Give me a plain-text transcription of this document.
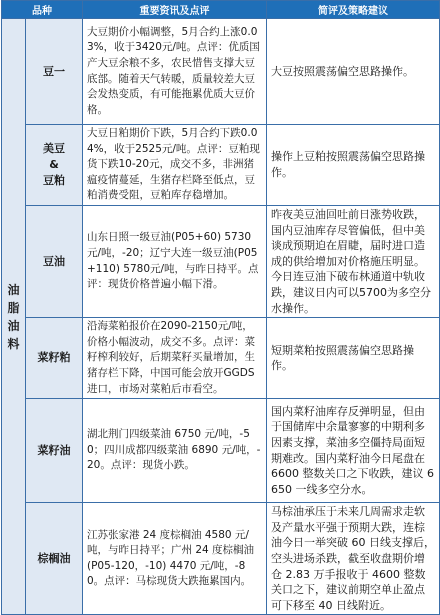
品种		重要资讯及点评	简评及策略建议

油
脂
油
料	豆一	大豆期价小幅调整，5月合约上涨0.03%，收于3420元/吨。点评：优质国产大豆余粮不多，农民惜售支撑大豆底部。随着天气转暖，质量较差大豆会发热变质，有可能拖累优质大豆价格。	大豆按照震荡偏空思路操作。

	美豆
&
豆粕	大豆日粕期价下跌，5月合约下跌0.04%，收于2525元/吨。点评：豆粕现货下跌10-20元，成交不多，非洲猪瘟疫情蔓延，生猪存栏降至低点，豆粕消费受阻，豆粕库存稳增加。	操作上豆粕按照震荡偏空思路操作。
	豆油	山东日照一级豆油(P05+60) 5730元/吨，-20；辽宁大连一级豆油(P05+110) 5780元/吨，与昨日持平。点评：现货价格普遍小幅下滑。	昨夜美豆油回吐前日涨势收跌，国内豆油库存尽管偏低，但中美谈成预期迫在眉睫，届时进口造成的供给增加对价格施压明显。今日连豆油下破布林通道中轨收跌，建议日内可以5700为多空分水操作。
	菜籽粕	沿海菜粕报价在2090-2150元/吨，价格小幅波动，成交不多。点评：菜籽榨利较好，后期菜籽买量增加，生猪存栏下降，中国可能会放开GGDS进口，市场对菜粕后市看空。	短期菜粕按照震荡偏空思路操作。
	菜籽油	湖北荆门四级菜油 6750 元/吨，-50；四川成都四级菜油 6890 元/吨，-20。点评：现货小跌。	国内菜籽油库存反弹明显，但由于国储库中余量寥寥的中期利多因素支撑，菜油多空僵持局面短期难改。国内菜籽油今日尾盘在 6600 整数关口之下收跌，建议 6650 一线多空分水。
	棕榈油	江苏张家港 24 度棕榈油 4580 元/吨，与昨日持平；广州 24 度棕榈油(P05-120，-10) 4470 元/吨，-80。点评：马棕现货大跌拖累国内。	马棕油承压于未来几周需求走软及产量水平强于预期大跌，连棕油今日一举突破 60 日线支撑后，空头进场杀跌，截至收盘期价增仓 2.83 万手报收于 4600 整数关口之下，建议前期空单止盈点可下移至 40 日线附近。
